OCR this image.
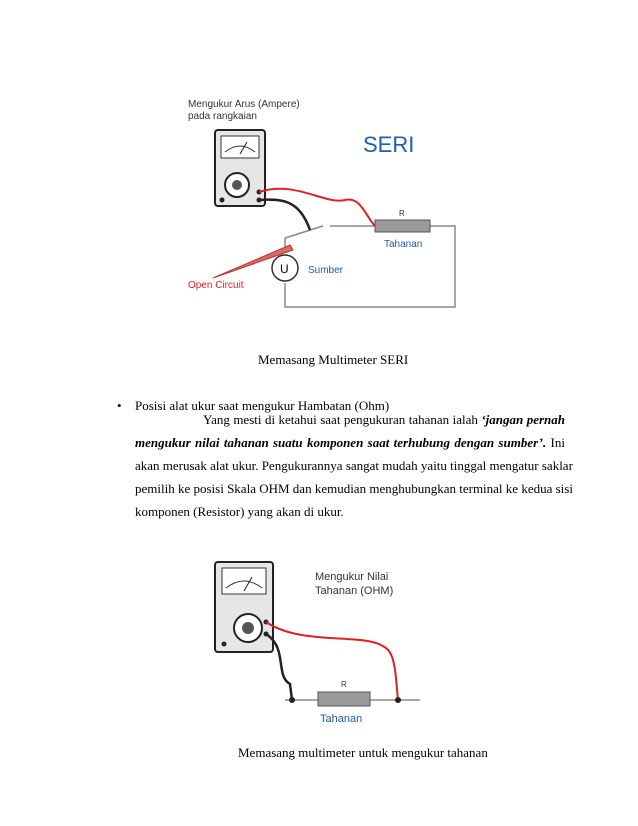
Mengukur Arus (Ampere)
pada rangkaian
SERI
R
Tahanan
U Sumber
Open Circuit
Memasang Multimeter SERI
• Posisi alat ukur saat mengukur Hambatan (Ohm)
Yang mesti di ketahui saat pengukuran tahanan ialah ‘jangan pernah
mengukur nilai tahanan suatu komponen saat terhubung dengan sumber’. Ini
akan merusak alat ukur. Pengukurannya sangat mudah yaitu tinggal mengatur saklar
pemilih ke posisi Skala OHM dan kemudian menghubungkan terminal ke kedua sisi
komponen (Resistor) yang akan di ukur.
Mengukur Nilai
Tahanan (OHM)
R
Tahanan
Memasang multimeter untuk mengukur tahanan
